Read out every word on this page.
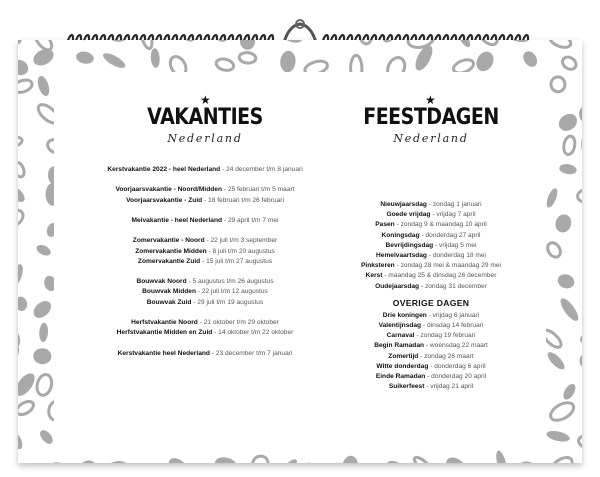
★
VAKANTIES
Nederland
Kerstvakantie 2022 - heel Nederland - 24 december t/m 8 januari
Voorjaarsvakantie - Noord/Midden - 25 februari t/m 5 maart
Voorjaarsvakantie - Zuid - 18 februari t/m 26 februari
Meivakantie - heel Nederland - 29 april t/m 7 mei
Zomervakantie - Noord - 22 juli t/m 3 september
Zomervakantie Midden - 8 juli t/m 20 augustus
Zomervakantie Zuid - 15 juli t/m 27 augustus
Bouwvak Noord - 5 augustus t/m 26 augustus
Bouwvak Midden - 22 juli t/m 12 augustus
Bouwvak Zuid - 29 juli t/m 19 augustus
Herfstvakantie Noord - 21 oktober t/m 29 oktober
Herfstvakantie Midden en Zuid - 14 oktober t/m 22 oktober
Kerstvakantie heel Nederland - 23 december t/m 7 januari
★
FEESTDAGEN
Nederland
Nieuwjaarsdag - zondag 1 januari
Goede vrijdag - vrijdag 7 april
Pasen - zondag 9 & maandag 10 april
Koningsdag - donderdag 27 april
Bevrijdingsdag - vrijdag 5 mei
Hemelvaartsdag - donderdag 18 mei
Pinksteren - zondag 28 mei & maandag 29 mei
Kerst - maandag 25 & dinsdag 26 december
Oudejaarsdag - zondag 31 december
OVERIGE DAGEN
Drie koningen - vrijdag 6 januari
Valentijnsdag - dinsdag 14 februari
Carnaval - zondag 19 februari
Begin Ramadan - woensdag 22 maart
Zomertijd - zondag 26 maart
Witte donderdag - donderdag 6 april
Einde Ramadan - donderdag 20 april
Suikerfeest - vrijdag 21 april
